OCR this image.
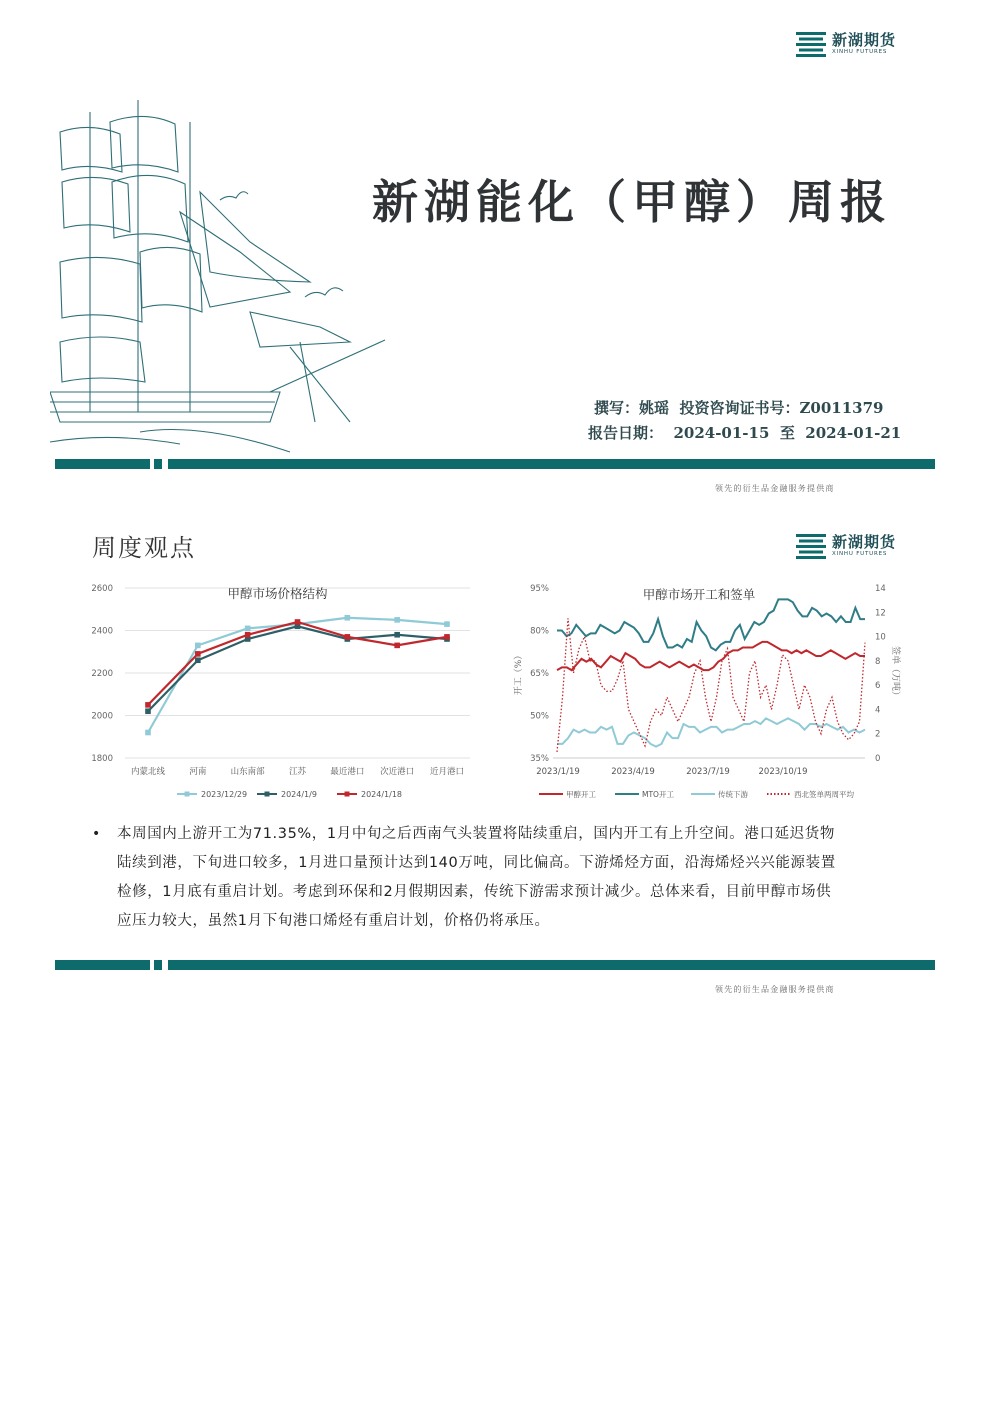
新湖期货
XINHU FUTURES
新湖能化（甲醇）周报
撰写：姚瑶  投资咨询证书号：Z0011379
报告日期：  2024-01-15  至  2024-01-21
领先的衍生品金融服务提供商
周度观点	新湖期货
XINHU FUTURES
1800
2000
2200
2400
2600
内蒙北线	河南	山东南部	江苏	最近港口 次近港口 近月港口
甲醇市场价格结构
2023/12/29	2024/1/9	2024/1/18
35%
50%
65%
80%
95%
0
2
4
6
8
10
12
14
2023/1/19	2023/4/19	2023/7/19	2023/10/19
开工（%）	签单（万吨）
甲醇市场开工和签单
甲醇开工	MTO开工	传统下游	西北签单两周平均
• 本周国内上游开工为71.35%，1月中旬之后西南气头装置将陆续重启，国内开工有上升空间。港口延迟货物
陆续到港，下旬进口较多，1月进口量预计达到140万吨，同比偏高。下游烯烃方面，沿海烯烃兴兴能源装置
检修，1月底有重启计划。考虑到环保和2月假期因素，传统下游需求预计减少。总体来看，目前甲醇市场供
应压力较大，虽然1月下旬港口烯烃有重启计划，价格仍将承压。
领先的衍生品金融服务提供商
